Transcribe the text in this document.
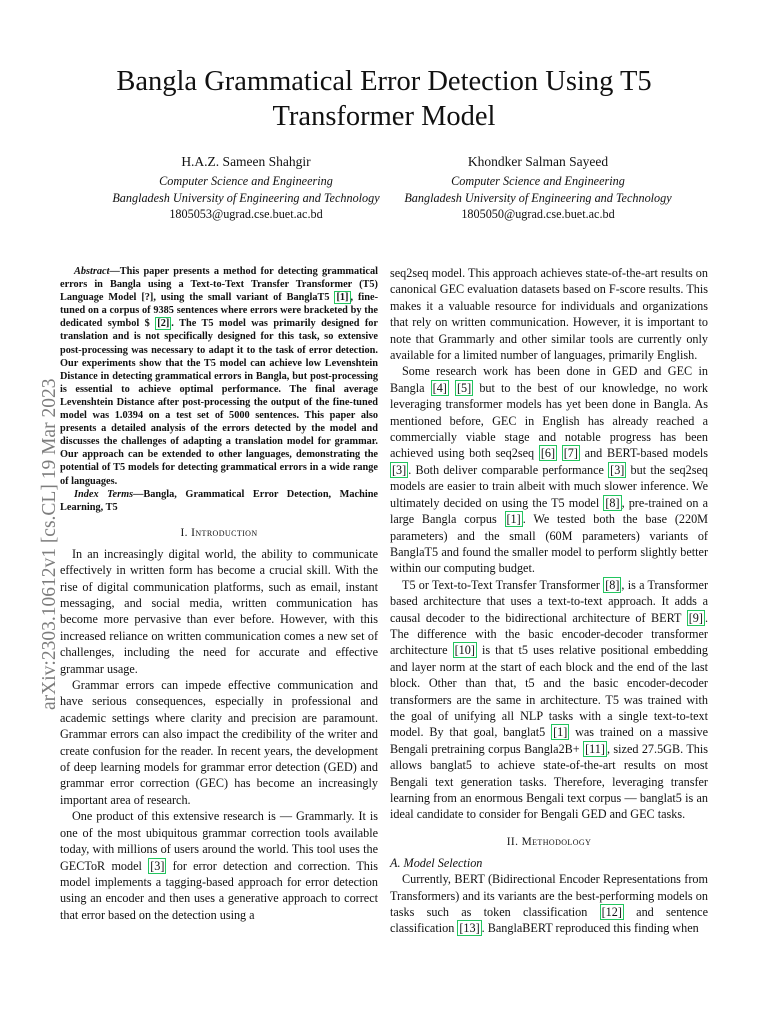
arXiv:2303.10612v1 [cs.CL] 19 Mar 2023
Bangla Grammatical Error Detection Using T5 Transformer Model
H.A.Z. Sameen Shahgir
Computer Science and Engineering
Bangladesh University of Engineering and Technology
1805053@ugrad.cse.buet.ac.bd
Khondker Salman Sayeed
Computer Science and Engineering
Bangladesh University of Engineering and Technology
1805050@ugrad.cse.buet.ac.bd

Abstract—This paper presents a method for detecting grammatical errors in Bangla using a Text-to-Text Transfer Transformer (T5) Language Model [?], using the small variant of BanglaT5 [1] , fine-tuned on a corpus of 9385 sentences where errors were bracketed by the dedicated symbol $ [2] . The T5 model was primarily designed for translation and is not specifically designed for this task, so extensive post-processing was necessary to adapt it to the task of error detection. Our experiments show that the T5 model can achieve low Levenshtein Distance in detecting grammatical errors in Bangla, but post-processing is essential to achieve optimal performance. The final average Levenshtein Distance after post-processing the output of the fine-tuned model was 1.0394 on a test set of 5000 sentences. This paper also presents a detailed analysis of the errors detected by the model and discusses the challenges of adapting a translation model for grammar. Our approach can be extended to other languages, demonstrating the potential of T5 models for detecting grammatical errors in a wide range of languages.

Index Terms—Bangla, Grammatical Error Detection, Machine Learning, T5

I. Introduction

In an increasingly digital world, the ability to communicate effectively in written form has become a crucial skill. With the rise of digital communication platforms, such as email, instant messaging, and social media, written communication has become more pervasive than ever before. However, with this increased reliance on written communication comes a new set of challenges, including the need for accurate and effective grammar usage.

Grammar errors can impede effective communication and have serious consequences, especially in professional and academic settings where clarity and precision are paramount. Grammar errors can also impact the credibility of the writer and create confusion for the reader. In recent years, the development of deep learning models for grammar error detection (GED) and grammar error correction (GEC) has become an increasingly important area of research.

One product of this extensive research is — Grammarly. It is one of the most ubiquitous grammar correction tools available today, with millions of users around the world. This tool uses the GECToR model [3] for error detection and correction. This model implements a tagging-based approach for error detection using an encoder and then uses a generative approach to correct that error based on the detection using a

seq2seq model. This approach achieves state-of-the-art results on canonical GEC evaluation datasets based on F-score results. This makes it a valuable resource for individuals and organizations that rely on written communication. However, it is important to note that Grammarly and other similar tools are currently only available for a limited number of languages, primarily English.

Some research work has been done in GED and GEC in Bangla [4] [5] but to the best of our knowledge, no work leveraging transformer models has yet been done in Bangla. As mentioned before, GEC in English has already reached a commercially viable stage and notable progress has been achieved using both seq2seq [6] [7] and BERT-based models [3] . Both deliver comparable performance [3] but the seq2seq models are easier to train albeit with much slower inference. We ultimately decided on using the T5 model [8] , pre-trained on a large Bangla corpus [1] . We tested both the base (220M parameters) and the small (60M parameters) variants of BanglaT5 and found the smaller model to perform slightly better within our computing budget.

T5 or Text-to-Text Transfer Transformer [8] , is a Transformer based architecture that uses a text-to-text approach. It adds a causal decoder to the bidirectional architecture of BERT [9] . The difference with the basic encoder-decoder transformer architecture [10] is that t5 uses relative positional embedding and layer norm at the start of each block and the end of the last block. Other than that, t5 and the basic encoder-decoder transformers are the same in architecture. T5 was trained with the goal of unifying all NLP tasks with a single text-to-text model. By that goal, banglat5 [1] was trained on a massive Bengali pretraining corpus Bangla2B+ [11] , sized 27.5GB. This allows banglat5 to achieve state-of-the-art results on most Bengali text generation tasks. Therefore, leveraging transfer learning from an enormous Bengali text corpus — banglat5 is an ideal candidate to consider for Bengali GED and GEC tasks.

II. Methodology

A. Model Selection

Currently, BERT (Bidirectional Encoder Representations from Transformers) and its variants are the best-performing models on tasks such as token classification [12] and sentence classification [13] . BanglaBERT reproduced this finding when
